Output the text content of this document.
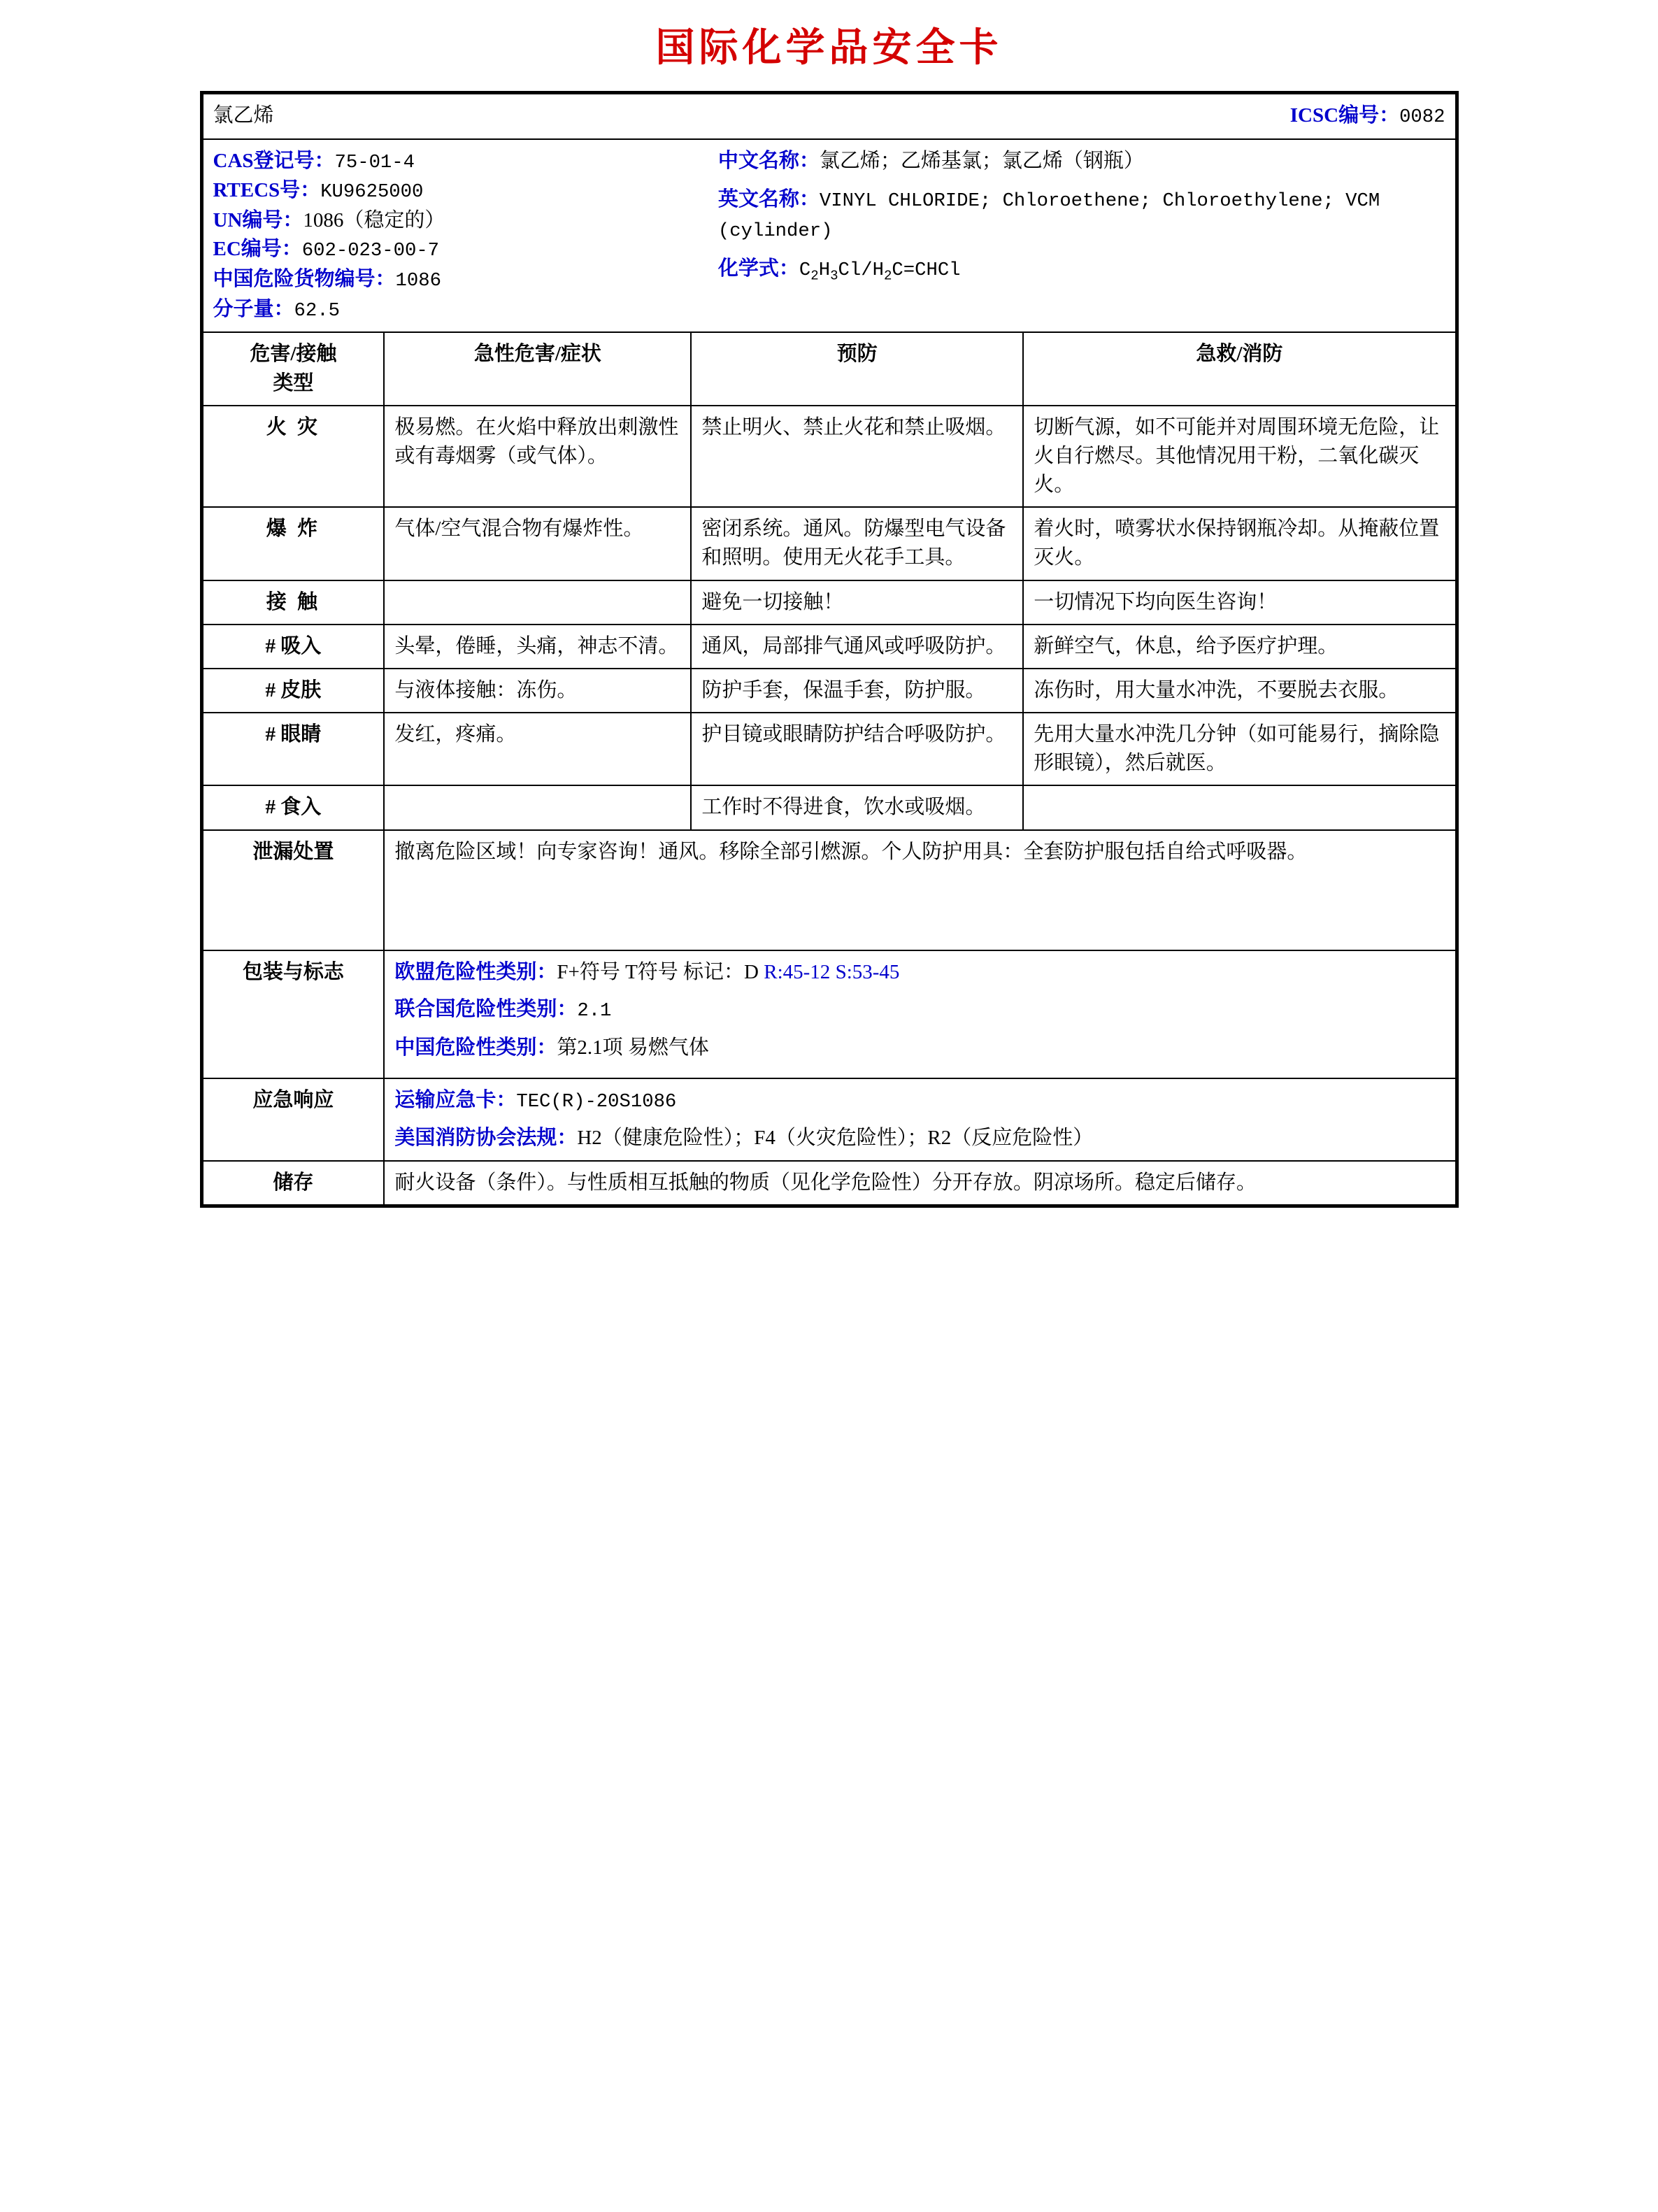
国际化学品安全卡
氯乙烯		ICSC编号：0082	

CAS登记号：75-01-4
RTECS号：KU9625000
UN编号：1086（稳定的）
EC编号：602-023-00-7
中国危险货物编号：1086
分子量：62.5
中文名称：氯乙烯；乙烯基氯；氯乙烯（钢瓶）
英文名称：VINYL CHLORIDE; Chloroethene; Chloroethylene; VCM (cylinder)
化学式：$C_2H_3Cl/H_2C=CHCl$

危害/接触
类型	急性危害/症状	预防	急救/消防
火 灾	极易燃。在火焰中释放出刺激性或有毒烟雾（或气体）。	禁止明火、禁止火花和禁止吸烟。	切断气源，如不可能并对周围环境无危险，让火自行燃尽。其他情况用干粉，二氧化碳灭火。
爆 炸	气体/空气混合物有爆炸性。	密闭系统。通风。防爆型电气设备和照明。使用无火花手工具。	着火时，喷雾状水保持钢瓶冷却。从掩蔽位置灭火。
接 触		避免一切接触！	一切情况下均向医生咨询！
# 吸入	头晕，倦睡，头痛，神志不清。	通风，局部排气通风或呼吸防护。	新鲜空气，休息，给予医疗护理。
# 皮肤	与液体接触：冻伤。	防护手套，保温手套，防护服。	冻伤时，用大量水冲洗，不要脱去衣服。
# 眼睛	发红，疼痛。	护目镜或眼睛防护结合呼吸防护。	先用大量水冲洗几分钟（如可能易行，摘除隐形眼镜），然后就医。
# 食入		工作时不得进食，饮水或吸烟。	
泄漏处置	撤离危险区域！向专家咨询！通风。移除全部引燃源。个人防护用具：全套防护服包括自给式呼吸器。		
包装与标志	欧盟危险性类别：F+符号 T符号 标记：D R:45-12 S:53-45
联合国危险性类别：2.1
中国危险性类别：第2.1项 易燃气体		

应急响应	运输应急卡：TEC(R)-20S1086
美国消防协会法规：H2（健康危险性）；F4（火灾危险性）；R2（反应危险性）		

储存	耐火设备（条件）。与性质相互抵触的物质（见化学危险性）分开存放。阴凉场所。稳定后储存。		
